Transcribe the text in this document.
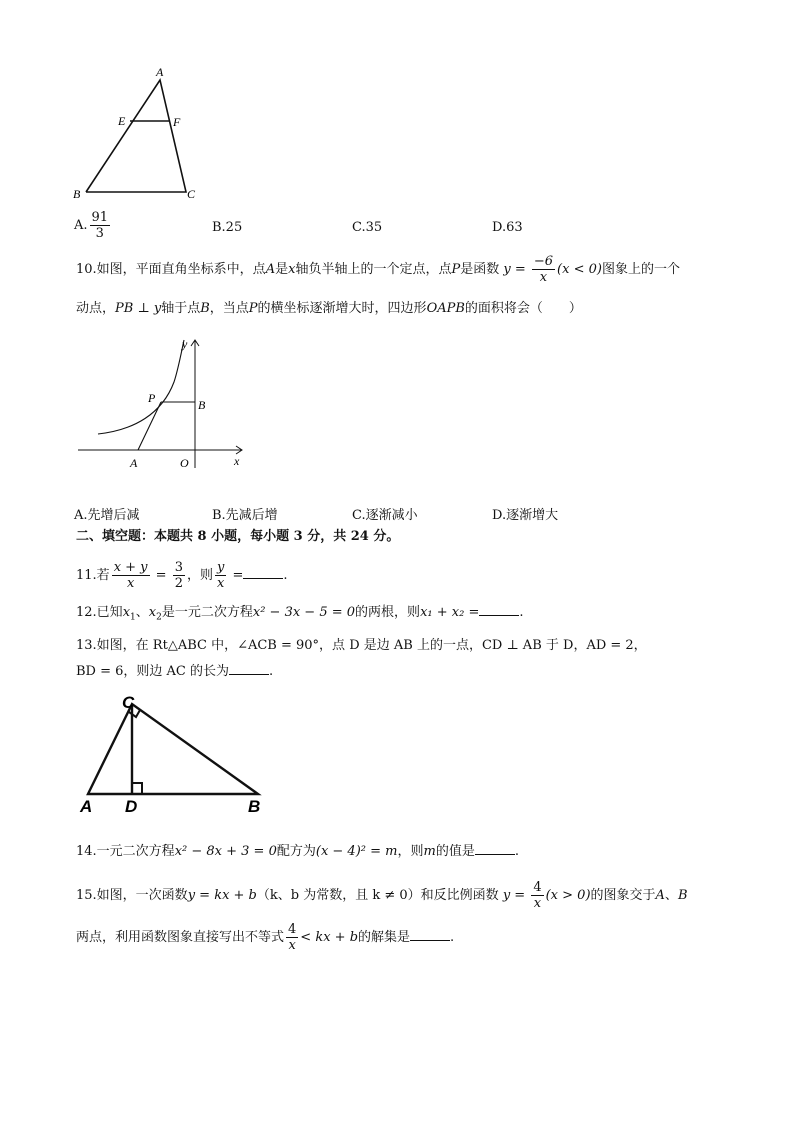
A
E	F
B	C
A. $\frac{91}{3}$	B.25	C.35	D.63
10.如图，平面直角坐标系中，点A是x轴负半轴上的一个定点，点P是函数 $y = \frac{-6}{x} (x < 0)$图象上的一个
动点，PB ⊥ y轴于点B，当点P的横坐标逐渐增大时，四边形OAPB的面积将会（　　）
y
P	B
A	O	x
A.先增后减	B.先减后增	C.逐渐减小	D.逐渐增大
二、填空题：本题共 8 小题，每小题 3 分，共 24 分。
11.若 $\frac{x + y}{x} = \frac{3}{2}$ ，则 $\frac{y}{x}$ =	.
12.已知$x_1$、$x_2$是一元二次方程x² − 3x − 5 = 0的两根，则x₁ + x₂ =	.
13.如图，在 Rt△ABC 中，∠ACB = 90°，点 D 是边 AB 上的一点，CD ⊥ AB 于 D，AD = 2，
BD = 6，则边 AC 的长为	.
C
A D	B
14.一元二次方程x² − 8x + 3 = 0配方为(x − 4)² = m，则m的值是	.
15.如图，一次函数y = kx + b（k、b 为常数，且 k ≠ 0）和反比例函数 $y = \frac{4}{x} (x > 0)$的图象交于A、B
两点，利用函数图象直接写出不等式 $\frac{4}{x}$ < kx + b的解集是	.
